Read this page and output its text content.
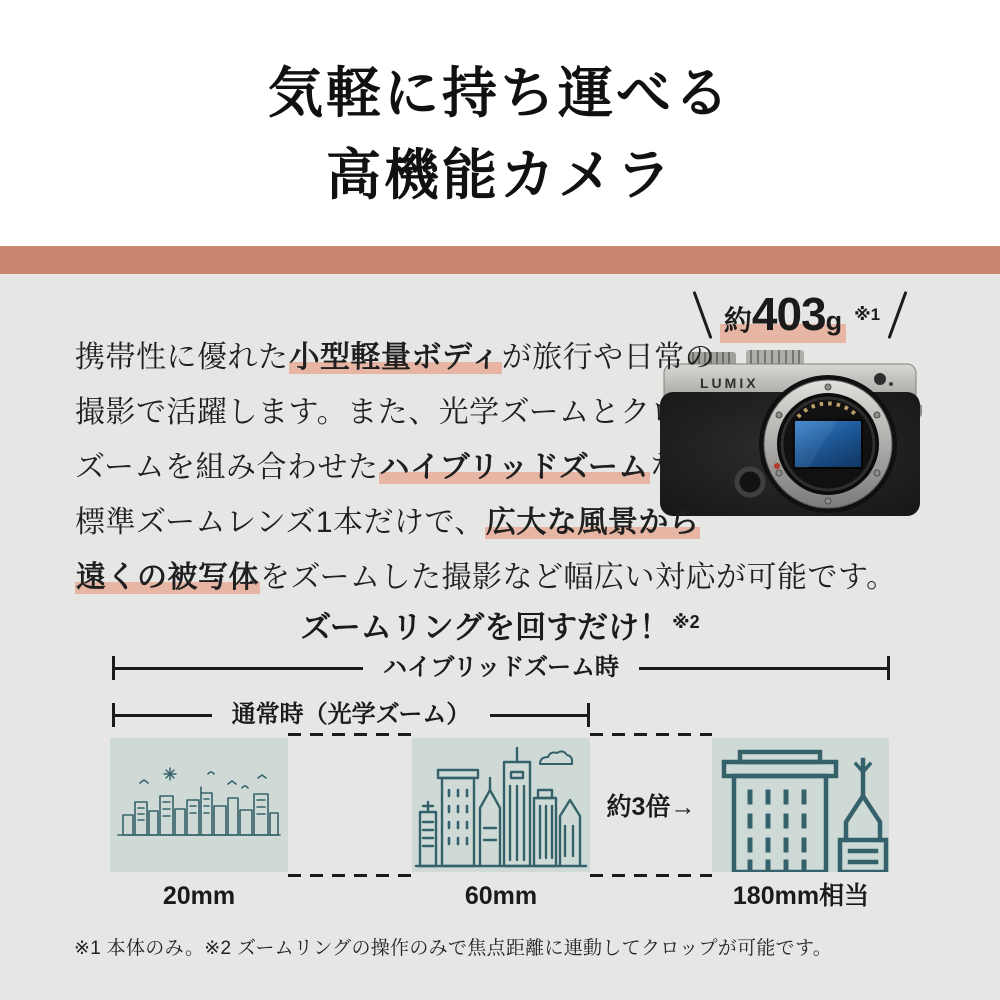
気軽に持ち運べる
高機能カメラ
約403g ※1
LUMIX
携帯性に優れた小型軽量ボディが旅行や日常の
撮影で活躍します。また、光学ズームとクロップ
ズームを組み合わせたハイブリッドズームなら
標準ズームレンズ1本だけで、広大な風景から
遠くの被写体をズームした撮影など幅広い対応が可能です。
ズームリングを回すだけ！ $^{※2}$
ハイブリッドズーム時
通常時（光学ズーム）
約3倍→
20mm	60mm	180mm相当
※1 本体のみ。※2 ズームリングの操作のみで焦点距離に連動してクロップが可能です。
